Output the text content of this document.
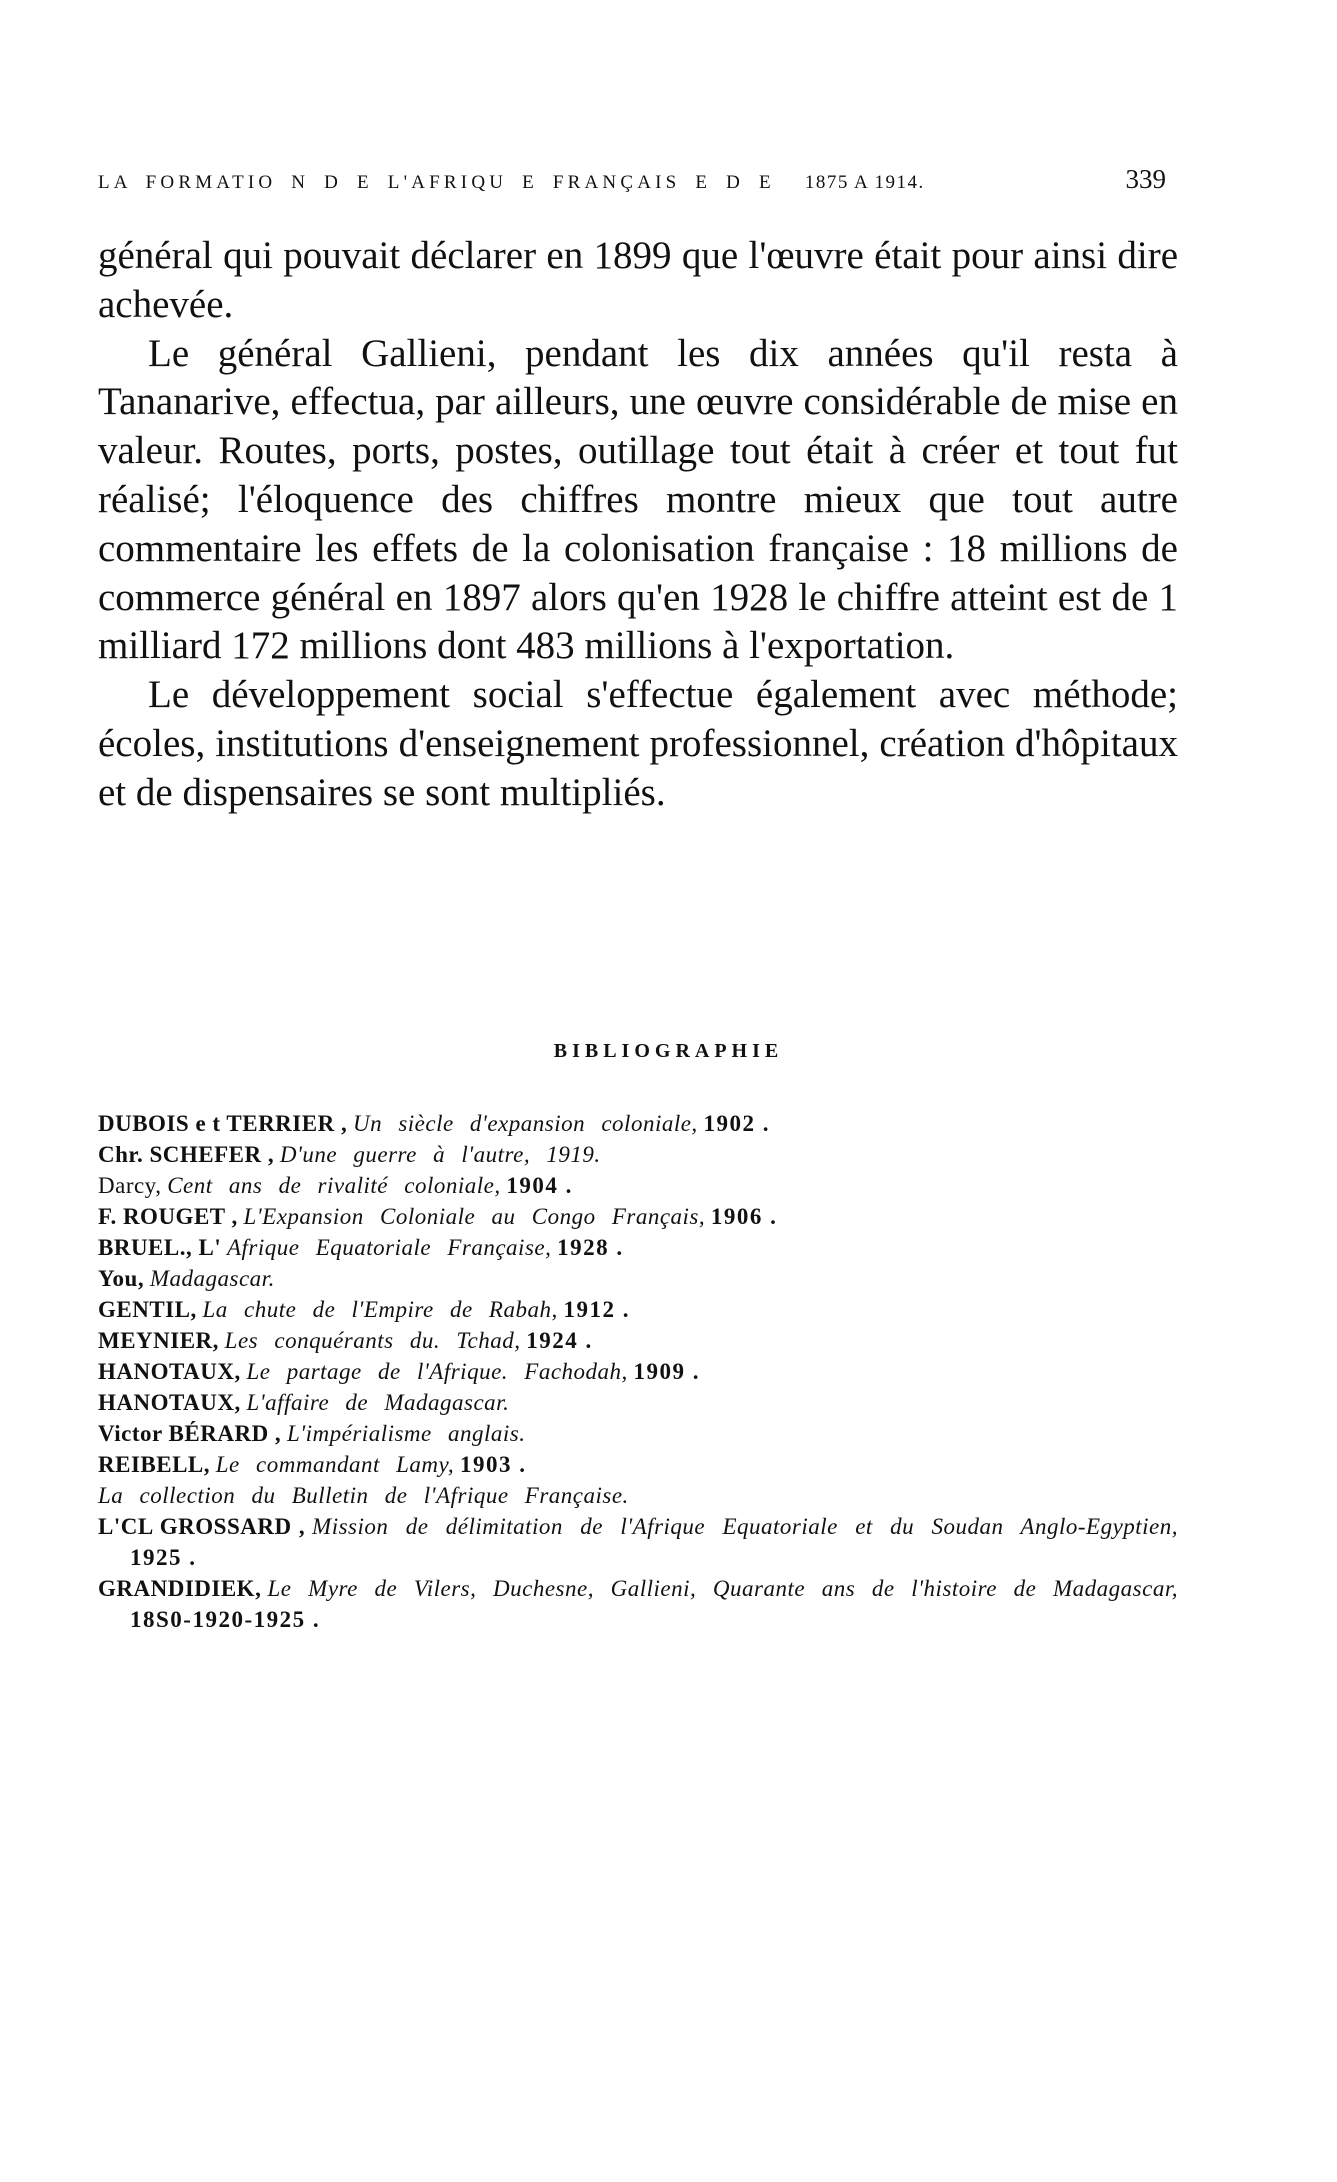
LA FORMATIO N D E L'AFRIQU E FRANÇAIS E D E 1875 A 1914.	339

général qui pouvait déclarer en 1899 que l'œuvre était pour ainsi dire achevée.

Le général Gallieni, pendant les dix années qu'il resta à Tananarive, effectua, par ailleurs, une œuvre considérable de mise en valeur. Routes, ports, postes, outillage tout était à créer et tout fut réalisé; l'éloquence des chiffres montre mieux que tout autre commentaire les effets de la colonisation française : 18 millions de commerce général en 1897 alors qu'en 1928 le chiffre atteint est de 1 milliard 172 millions dont 483 millions à l'exportation.

Le développement social s'effectue également avec méthode; écoles, institutions d'enseignement professionnel, création d'hôpitaux et de dispensaires se sont multipliés.

BIBLIOGRAPHIE
DUBOIS e t TERRIER , Un siècle d'expansion coloniale, 1902 .
Chr. SCHEFER , D'une guerre à l'autre, 1919.
Darcy, Cent ans de rivalité coloniale, 1904 .
F. ROUGET , L'Expansion Coloniale au Congo Français, 1906 .
BRUEL., L' Afrique Equatoriale Française, 1928 .
You, Madagascar.
GENTIL, La chute de l'Empire de Rabah, 1912 .
MEYNIER, Les conquérants du. Tchad, 1924 .
HANOTAUX, Le partage de l'Afrique. Fachodah, 1909 .
HANOTAUX, L'affaire de Madagascar.
Victor BÉRARD , L'impérialisme anglais.
REIBELL, Le commandant Lamy, 1903 .
La collection du Bulletin de l'Afrique Française.
L'CL GROSSARD , Mission de délimitation de l'Afrique Equatoriale et du Soudan Anglo-Egyptien, 1925 .
GRANDIDIEK, Le Myre de Vilers, Duchesne, Gallieni, Quarante ans de l'histoire de Madagascar, 18S0-1920-1925 .
